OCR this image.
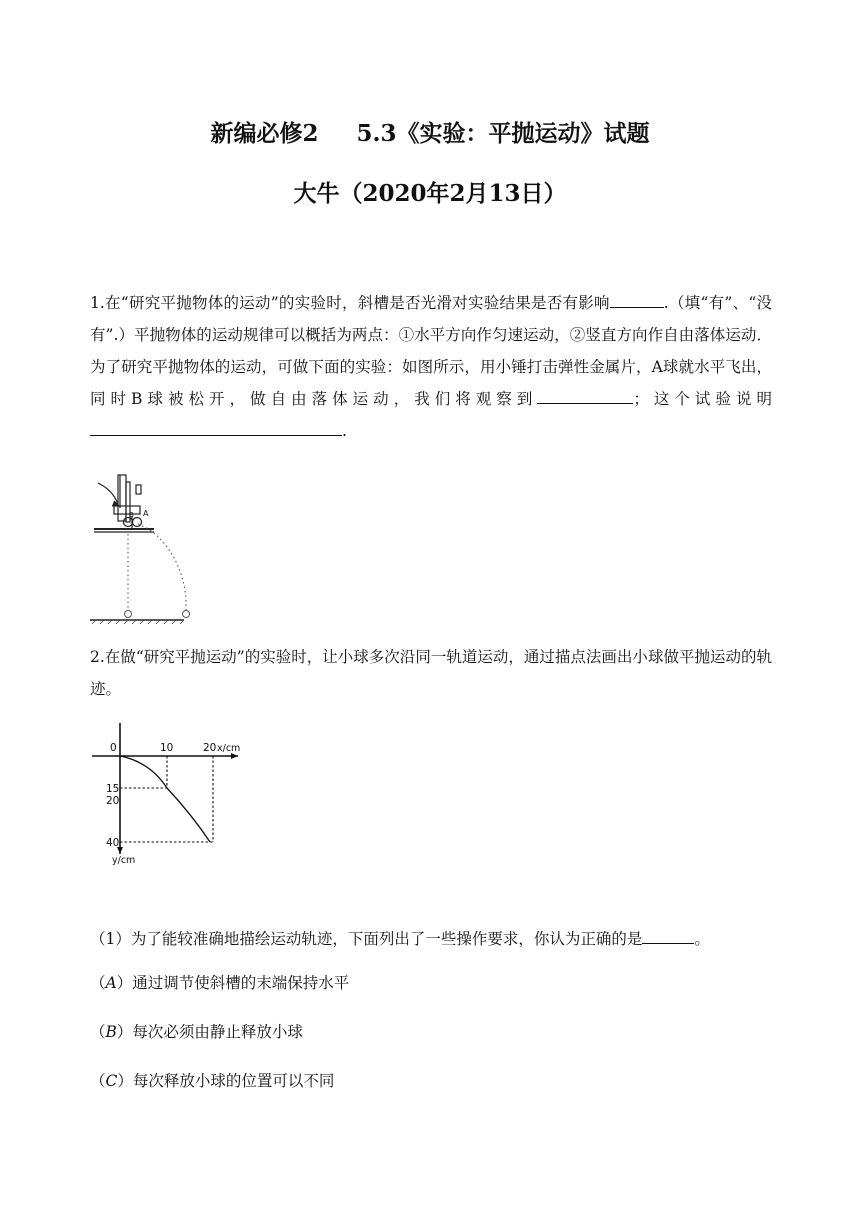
新编必修2 5.3《实验：平抛运动》试题
大牛（2020年2月13日）
1.在“研究平抛物体的运动”的实验时，斜槽是否光滑对实验结果是否有影响	.（填“有”、“没有”.）平抛物体的运动规律可以概括为两点：①水平方向作匀速运动，②竖直方向作自由落体运动．为了研究平抛物体的运动，可做下面的实验：如图所示，用小锤打击弹性金属片，A球就水平飞出，同时B球被松开，做自由落体运动，我们将观察到	；这个试验说明.
A
B
2.在做“研究平抛运动”的实验时，让小球多次沿同一轨道运动，通过描点法画出小球做平抛运动的轨迹。
0	10	20 x/cm
15
20
40
y/cm
（1）为了能较准确地描绘运动轨迹，下面列出了一些操作要求，你认为正确的是	。
（A）通过调节使斜槽的末端保持水平
（B）每次必须由静止释放小球
（C）每次释放小球的位置可以不同
